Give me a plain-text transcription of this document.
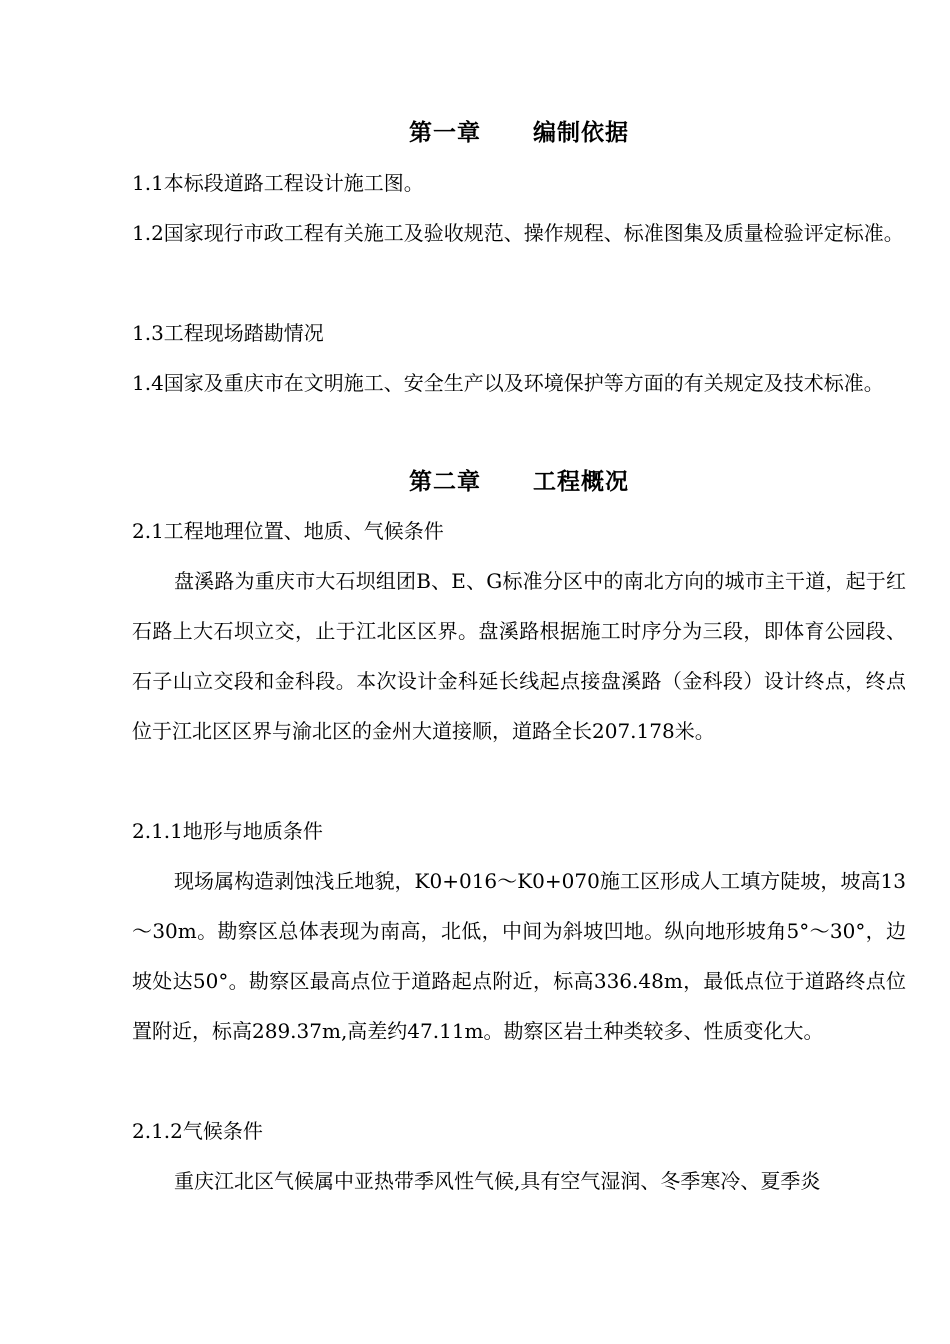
第一章 编制依据

1.1本标段道路工程设计施工图。

1.2国家现行市政工程有关施工及验收规范、操作规程、标准图集及质量检验评定标准。

1.3工程现场踏勘情况

1.4国家及重庆市在文明施工、安全生产以及环境保护等方面的有关规定及技术标准。

第二章 工程概况

2.1工程地理位置、地质、气候条件

盘溪路为重庆市大石坝组团B、E、G标准分区中的南北方向的城市主干道，起于红石路上大石坝立交，止于江北区区界。盘溪路根据施工时序分为三段，即体育公园段、石子山立交段和金科段。本次设计金科延长线起点接盘溪路（金科段）设计终点，终点位于江北区区界与渝北区的金州大道接顺，道路全长207.178米。

2.1.1地形与地质条件

现场属构造剥蚀浅丘地貌，K0+016～K0+070施工区形成人工填方陡坡，坡高13～30m。勘察区总体表现为南高，北低，中间为斜坡凹地。纵向地形坡角5°～30°，边坡处达50°。勘察区最高点位于道路起点附近，标高336.48m，最低点位于道路终点位置附近，标高289.37m,高差约47.11m。勘察区岩土种类较多、性质变化大。

2.1.2气候条件

重庆江北区气候属中亚热带季风性气候,具有空气湿润、冬季寒冷、夏季炎
